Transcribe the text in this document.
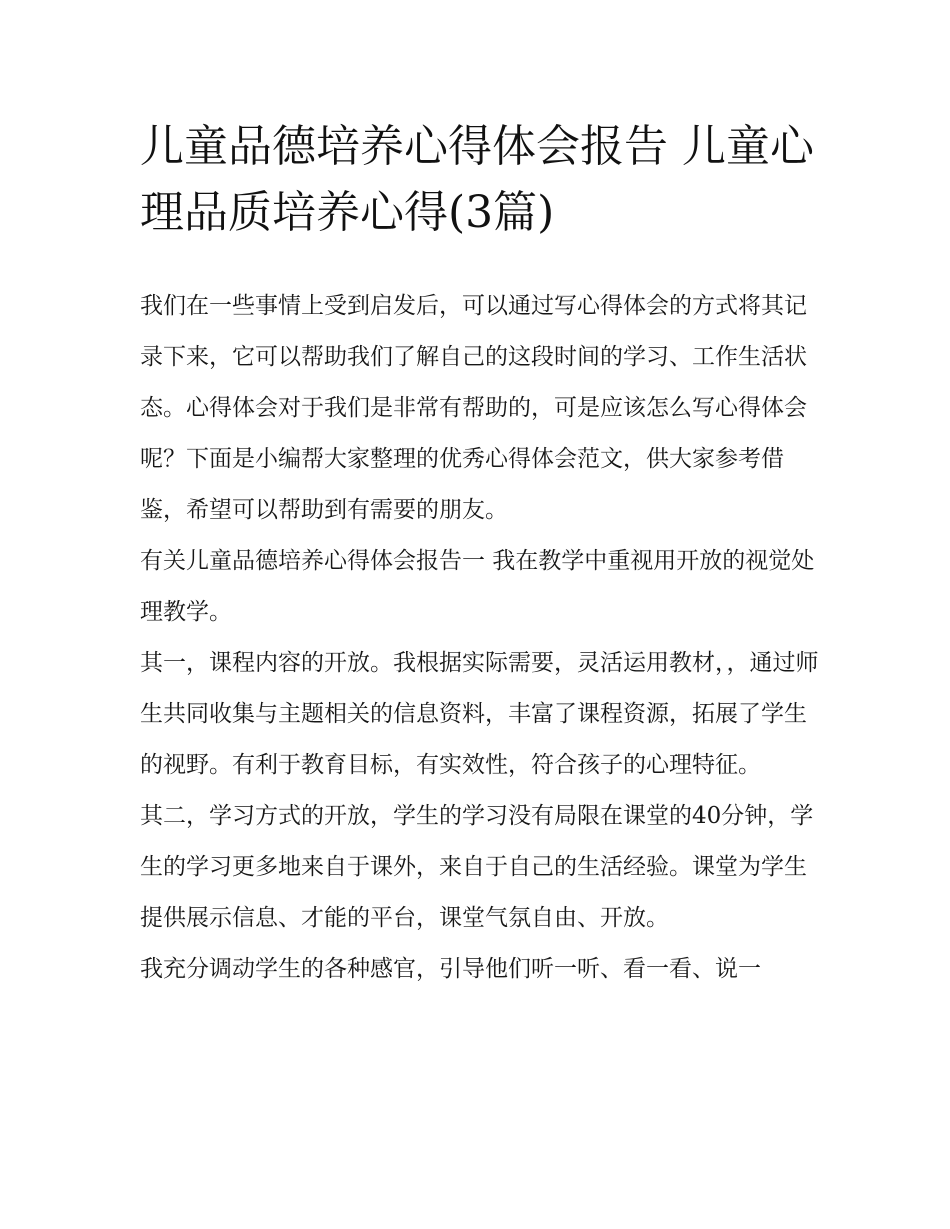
儿童品德培养心得体会报告 儿童心理品质培养心得(3篇)

我们在一些事情上受到启发后，可以通过写心得体会的方式将其记录下来，它可以帮助我们了解自己的这段时间的学习、工作生活状态。心得体会对于我们是非常有帮助的，可是应该怎么写心得体会呢？下面是小编帮大家整理的优秀心得体会范文，供大家参考借鉴，希望可以帮助到有需要的朋友。

有关儿童品德培养心得体会报告一 我在教学中重视用开放的视觉处理教学。

其一，课程内容的开放。我根据实际需要，灵活运用教材，，通过师生共同收集与主题相关的信息资料，丰富了课程资源，拓展了学生的视野。有利于教育目标，有实效性，符合孩子的心理特征。

其二，学习方式的开放，学生的学习没有局限在课堂的40分钟，学生的学习更多地来自于课外，来自于自己的生活经验。课堂为学生提供展示信息、才能的平台，课堂气氛自由、开放。

我充分调动学生的各种感官，引导他们听一听、看一看、说一
